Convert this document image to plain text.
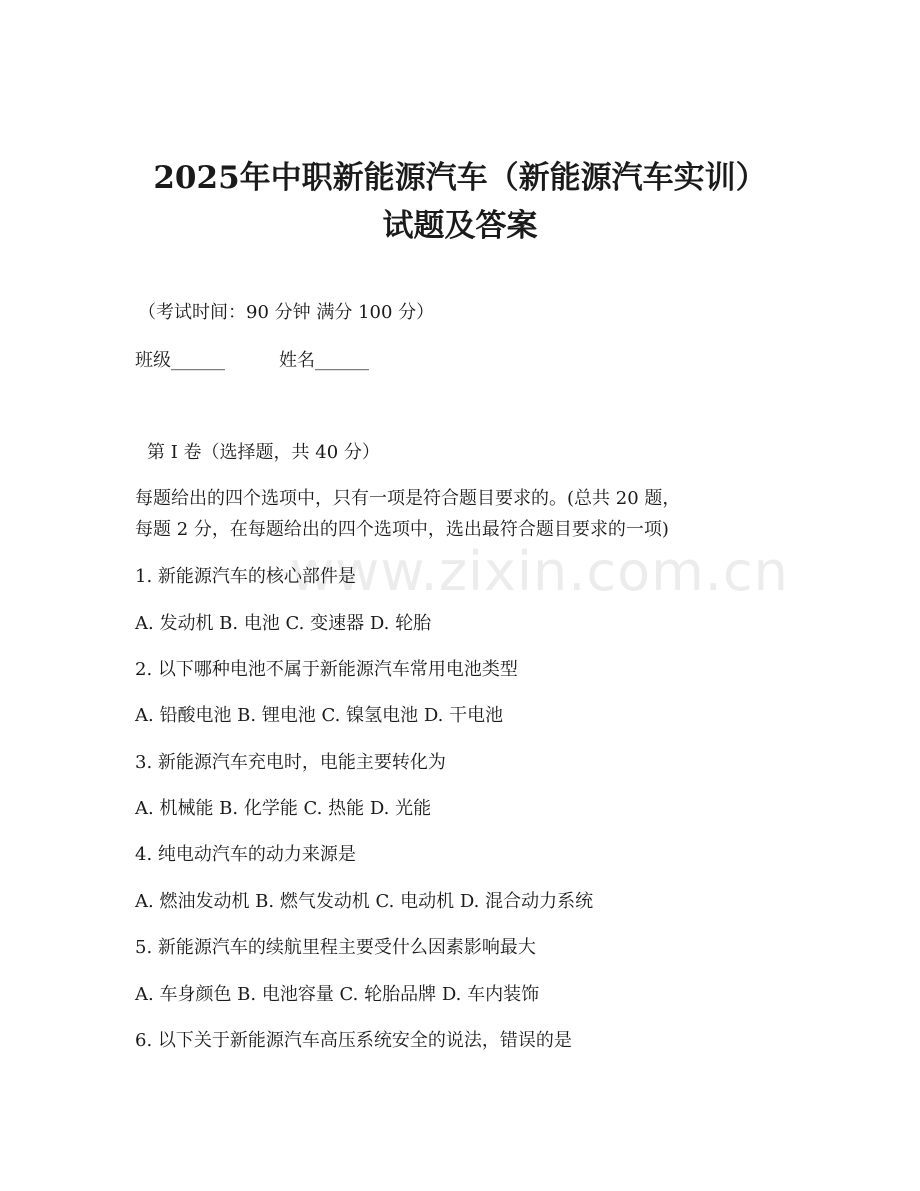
www.zixin.com.cn
2025年中职新能源汽车（新能源汽车实训）
试题及答案

（考试时间：90 分钟 满分 100 分）

班级______	姓名______

第 I 卷（选择题，共 40 分）

每题给出的四个选项中，只有一项是符合题目要求的。(总共 20 题，

每题 2 分，在每题给出的四个选项中，选出最符合题目要求的一项)

1. 新能源汽车的核心部件是

A. 发动机 B. 电池 C. 变速器 D. 轮胎

2. 以下哪种电池不属于新能源汽车常用电池类型

A. 铅酸电池 B. 锂电池 C. 镍氢电池 D. 干电池

3. 新能源汽车充电时，电能主要转化为

A. 机械能 B. 化学能 C. 热能 D. 光能

4. 纯电动汽车的动力来源是

A. 燃油发动机 B. 燃气发动机 C. 电动机 D. 混合动力系统

5. 新能源汽车的续航里程主要受什么因素影响最大

A. 车身颜色 B. 电池容量 C. 轮胎品牌 D. 车内装饰

6. 以下关于新能源汽车高压系统安全的说法，错误的是
